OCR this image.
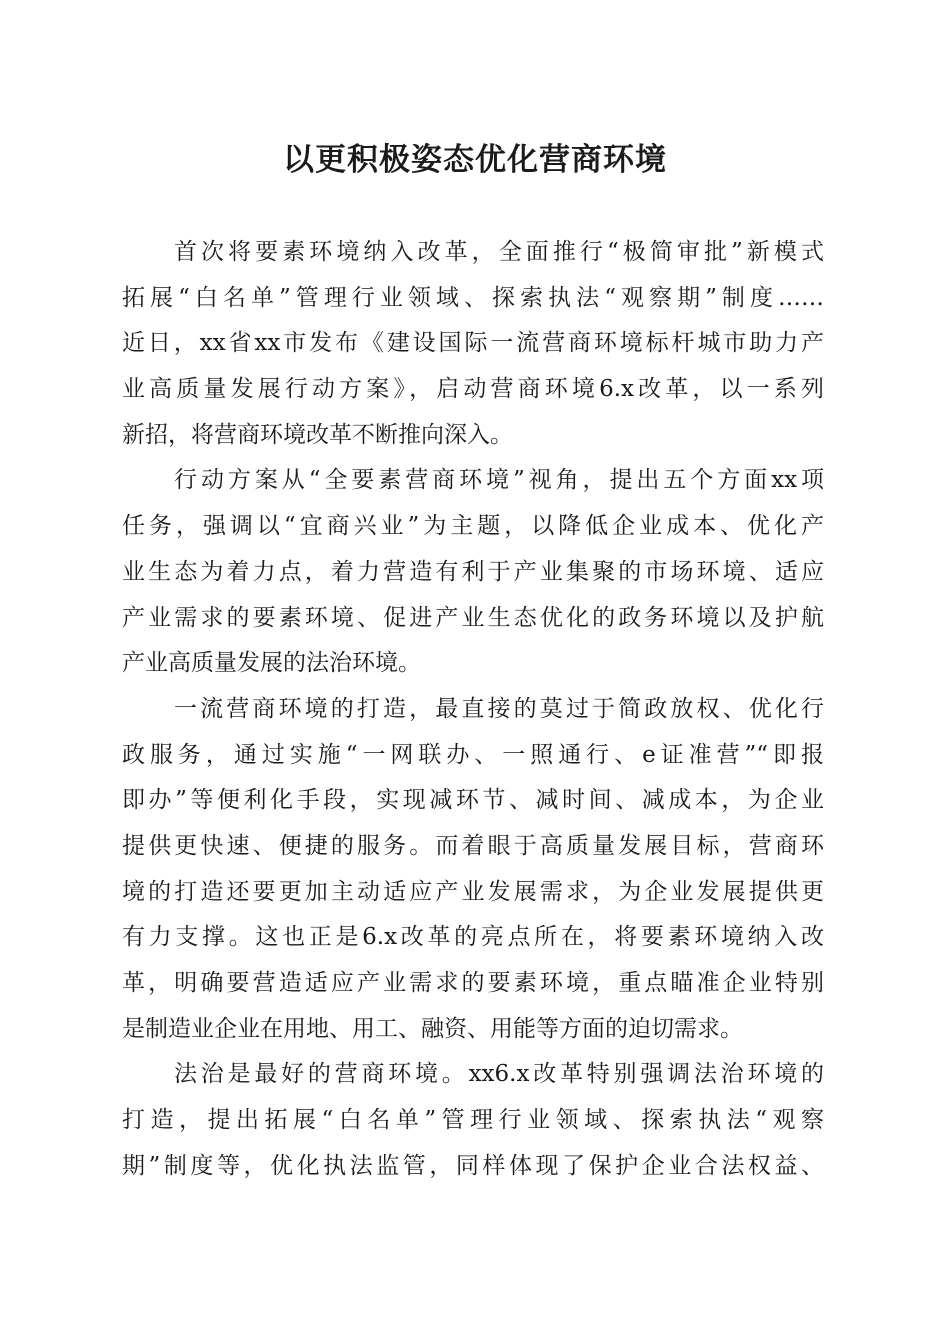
以更积极姿态优化营商环境
首次将要素环境纳入改革，全面推行“极简审批”新模式
拓展“白名单”管理行业领域、探索执法“观察期”制度……
近日，xx省xx市发布《建设国际一流营商环境标杆城市助力产
业高质量发展行动方案》，启动营商环境6.x改革，以一系列
新招，将营商环境改革不断推向深入。
行动方案从“全要素营商环境”视角，提出五个方面xx项
任务，强调以“宜商兴业”为主题，以降低企业成本、优化产
业生态为着力点，着力营造有利于产业集聚的市场环境、适应
产业需求的要素环境、促进产业生态优化的政务环境以及护航
产业高质量发展的法治环境。
一流营商环境的打造，最直接的莫过于简政放权、优化行
政服务，通过实施“一网联办、一照通行、e证准营”“即报
即办”等便利化手段，实现减环节、减时间、减成本，为企业
提供更快速、便捷的服务。而着眼于高质量发展目标，营商环
境的打造还要更加主动适应产业发展需求，为企业发展提供更
有力支撑。这也正是6.x改革的亮点所在，将要素环境纳入改
革，明确要营造适应产业需求的要素环境，重点瞄准企业特别
是制造业企业在用地、用工、融资、用能等方面的迫切需求。
法治是最好的营商环境。xx6.x改革特别强调法治环境的
打造，提出拓展“白名单”管理行业领域、探索执法“观察
期”制度等，优化执法监管，同样体现了保护企业合法权益、
